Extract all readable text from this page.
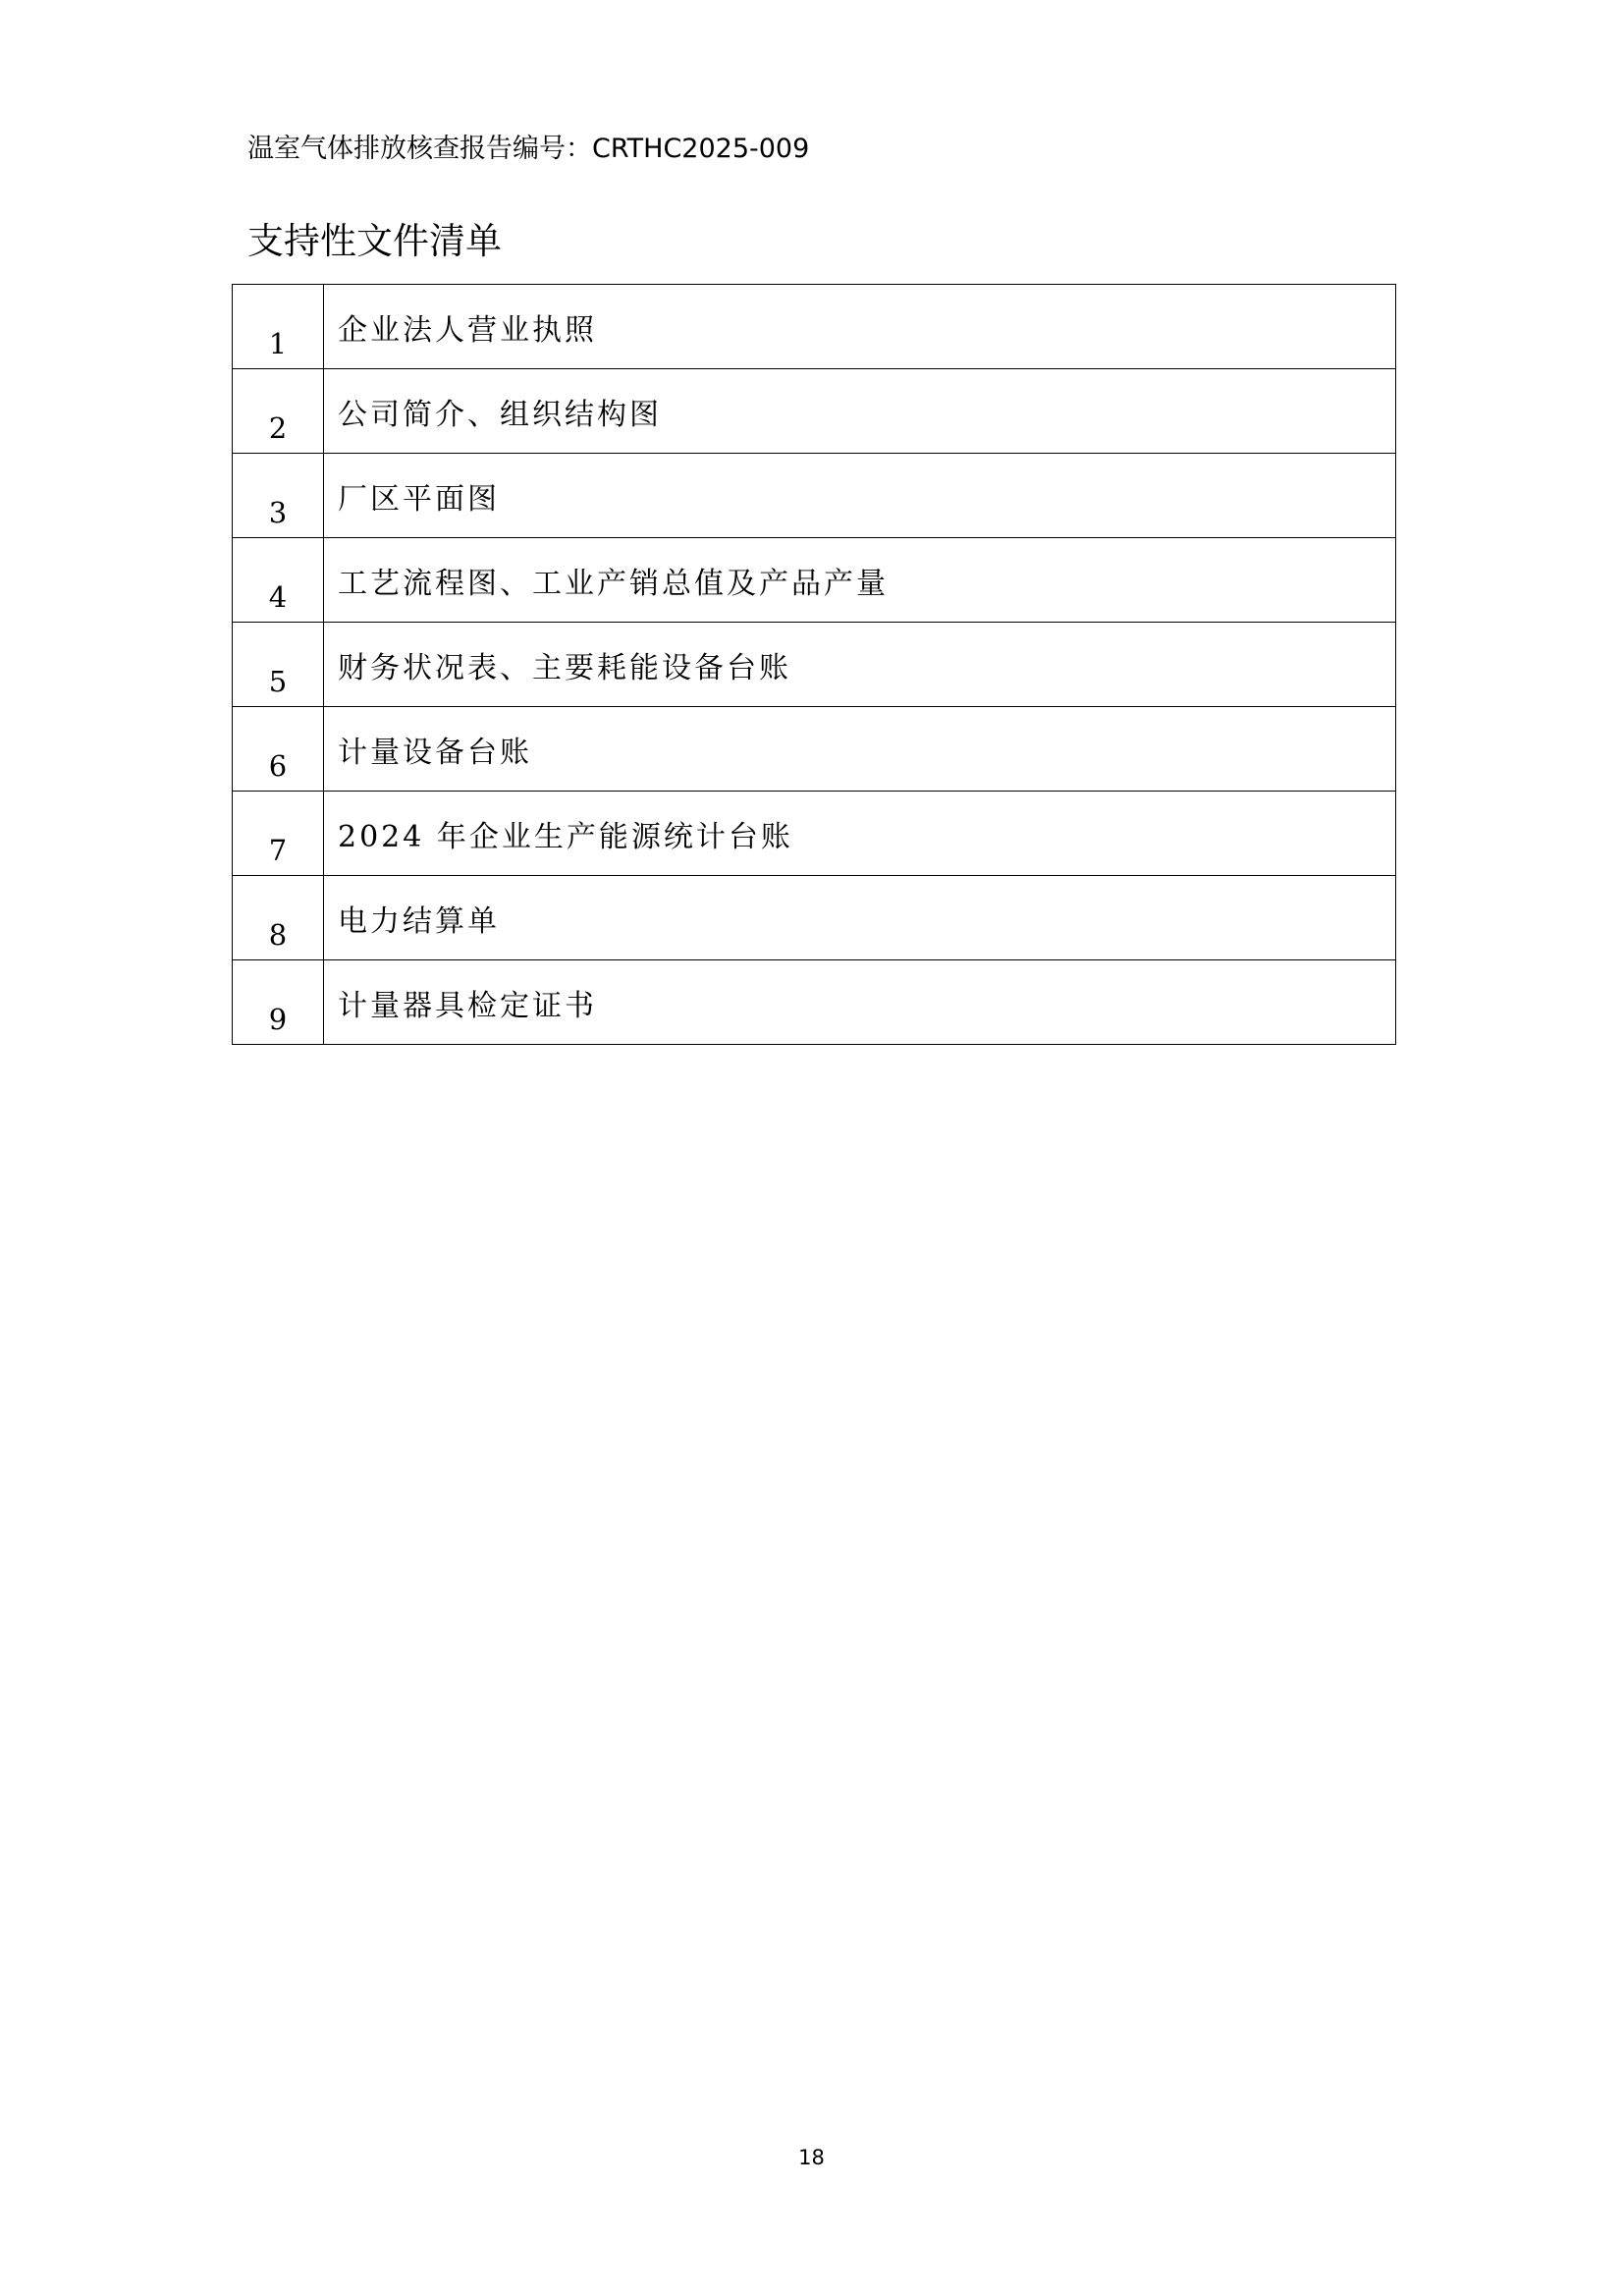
温室气体排放核查报告编号：CRTHC2025-009
支持性文件清单
1	企业法人营业执照
2	公司简介、组织结构图
3	厂区平面图
4	工艺流程图、工业产销总值及产品产量
5	财务状况表、主要耗能设备台账
6	计量设备台账
7	2024 年企业生产能源统计台账
8	电力结算单
9	计量器具检定证书
18
